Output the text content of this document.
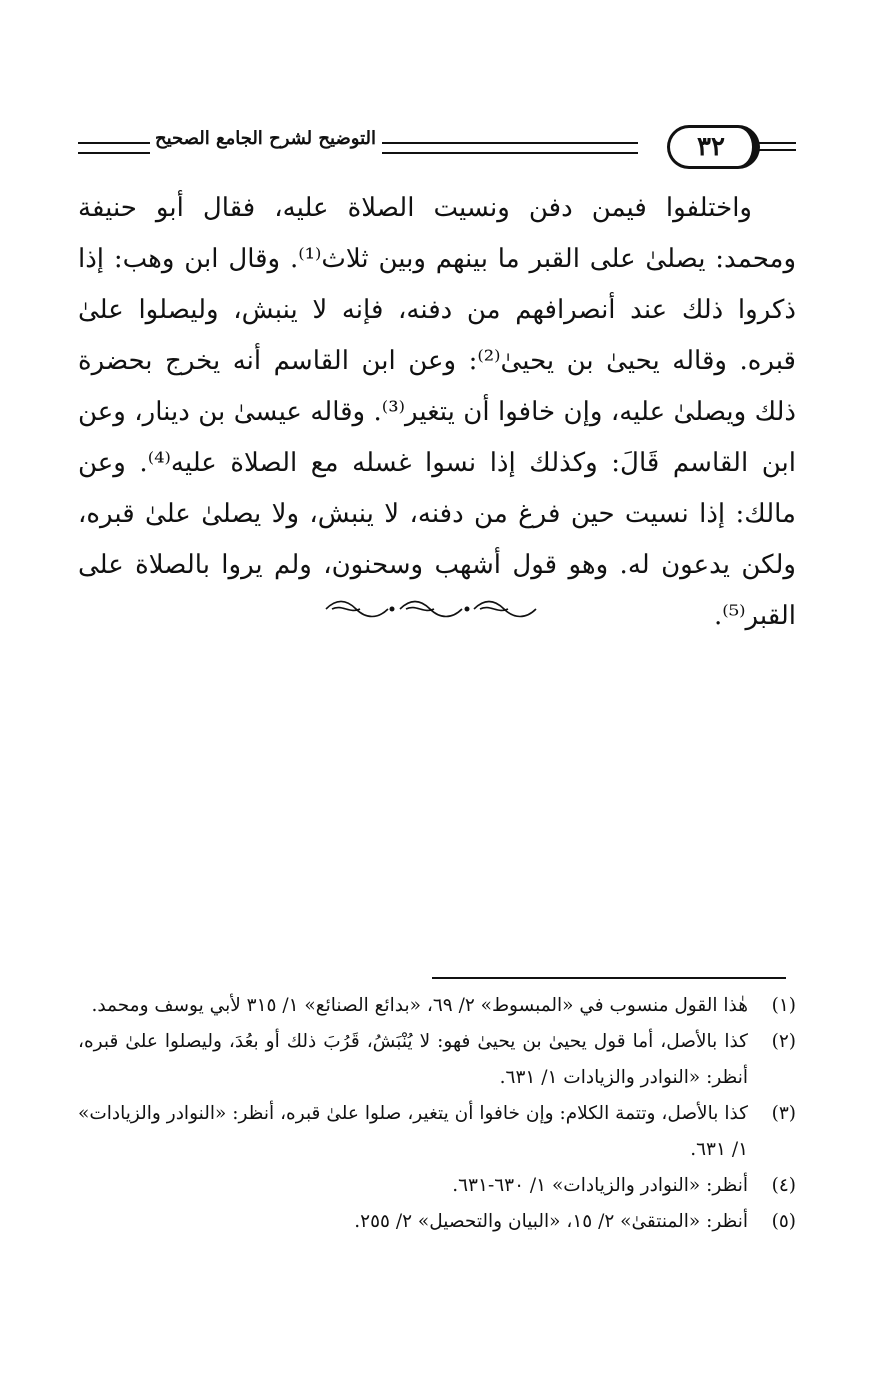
٣٢
التوضيح لشرح الجامع الصحيح

واختلفوا فيمن دفن ونسيت الصلاة عليه، فقال أبو حنيفة ومحمد: يصلىٰ على القبر ما بينهم وبين ثلاث⁽¹⁾. وقال ابن وهب: إذا ذكروا ذلك عند أنصرافهم من دفنه، فإنه لا ينبش، وليصلوا علىٰ قبره. وقاله يحيىٰ بن يحيىٰ⁽²⁾: وعن ابن القاسم أنه يخرج بحضرة ذلك ويصلىٰ عليه، وإن خافوا أن يتغير⁽³⁾. وقاله عيسىٰ بن دينار، وعن ابن القاسم قَالَ: وكذلك إذا نسوا غسله مع الصلاة عليه⁽⁴⁾. وعن مالك: إذا نسيت حين فرغ من دفنه، لا ينبش، ولا يصلىٰ علىٰ قبره، ولكن يدعون له. وهو قول أشهب وسحنون، ولم يروا بالصلاة على القبر⁽⁵⁾.

(١)
هٰذا القول منسوب في «المبسوط» ٢/ ٦٩، «بدائع الصنائع» ١/ ٣١٥ لأبي يوسف ومحمد.
(٢)
كذا بالأصل، أما قول يحيىٰ بن يحيىٰ فهو: لا يُنْبَشُ، قَرُبَ ذلك أو بعُدَ، وليصلوا علىٰ قبره، أنظر: «النوادر والزيادات ١/ ٦٣١.
(٣)
كذا بالأصل، وتتمة الكلام: وإن خافوا أن يتغير، صلوا علىٰ قبره، أنظر: «النوادر والزيادات» ١/ ٦٣١.
(٤)
أنظر: «النوادر والزيادات» ١/ ٦٣٠-٦٣١.
(٥)
أنظر: «المنتقىٰ» ٢/ ١٥، «البيان والتحصيل» ٢/ ٢٥٥.
